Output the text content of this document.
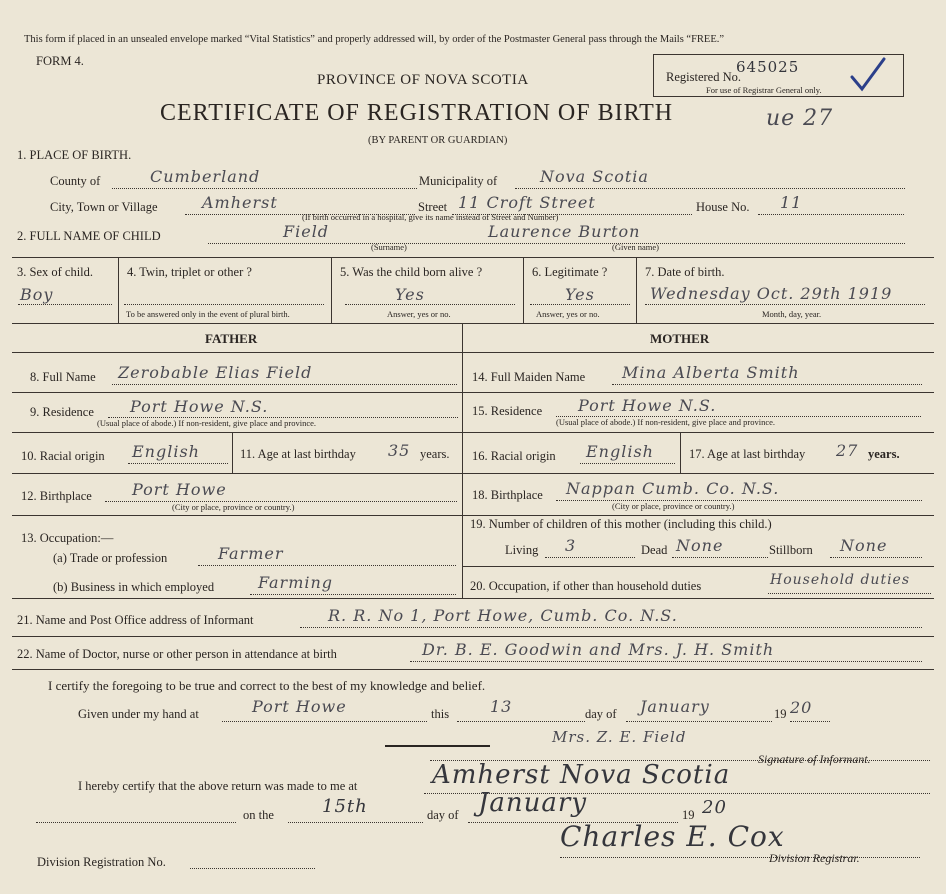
This form if placed in an unsealed envelope marked “Vital Statistics” and properly addressed will, by order of the Postmaster General pass through the Mails “FREE.”
FORM 4.
PROVINCE OF NOVA SCOTIA	Registered No.
645025
For use of Registrar General only.
CERTIFICATE OF REGISTRATION OF BIRTH	ue 27
(BY PARENT OR GUARDIAN)
1. PLACE OF BIRTH.
County of	Cumberland	Municipality of	Nova Scotia
City, Town or Village	Amherst	Street 11 Croft Street	House No. 11
(If birth occurred in a hospital, give its name instead of Street and Number)
2. FULL NAME OF CHILD	Field	Laurence Burton
(Surname)	(Given name)
3. Sex of child.
Boy
4. Twin, triplet or other ?
To be answered only in the event of plural birth.
5. Was the child born alive ?
Yes
Answer, yes or no.
6. Legitimate ?
Yes
Answer, yes or no.
7. Date of birth.
Wednesday Oct. 29th 1919
Month, day, year.
FATHER	MOTHER
8. Full Name Zerobable Elias Field
9. Residence Port Howe N.S.
(Usual place of abode.) If non-resident, give place and province.
10. Racial origin English	11. Age at last birthday 35 years.
12. Birthplace	Port Howe
(City or place, province or country.)
13. Occupation:—
(a) Trade or profession	Farmer
(b) Business in which employed	Farming
14. Full Maiden Name Mina Alberta Smith
15. Residence Port Howe N.S.
(Usual place of abode.) If non-resident, give place and province.
16. Racial origin English	17. Age at last birthday 27 years.
18. Birthplace Nappan Cumb. Co. N.S.
(City or place, province or country.)
19. Number of children of this mother (including this child.)
Living 3	Dead None	Stillborn None
20. Occupation, if other than household duties	Household duties
21. Name and Post Office address of Informant	R. R. No 1, Port Howe, Cumb. Co. N.S.
22. Name of Doctor, nurse or other person in attendance at birth	Dr. B. E. Goodwin and Mrs. J. H. Smith
I certify the foregoing to be true and correct to the best of my knowledge and belief.
Given under my hand at	Port Howe	this	13	day of January	19 20
Mrs. Z. E. Field
Signature of Informant.
I hereby certify that the above return was made to me at	Amherst Nova Scotia
on the	15th	day of January	19 20
Charles E. Cox
Division Registrar.
Division Registration No.
